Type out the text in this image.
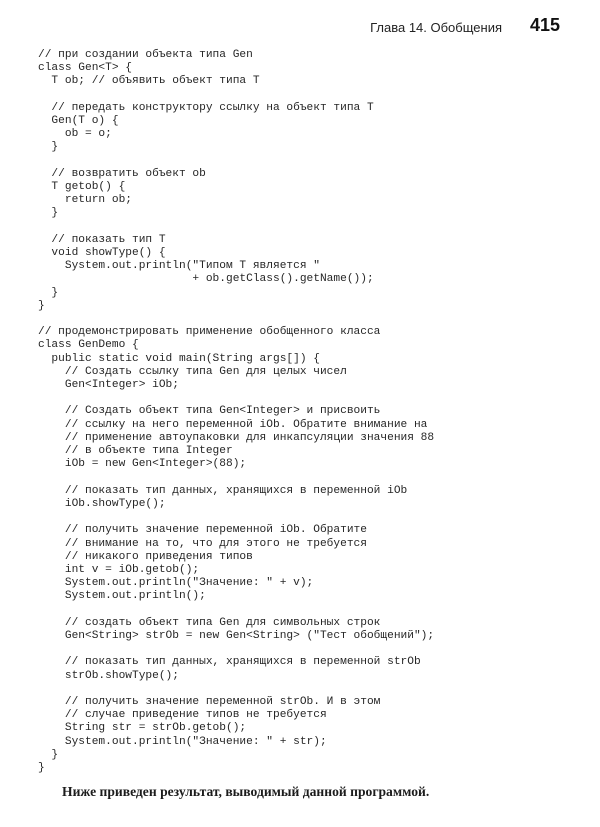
Глава 14. Обобщения 415
// при создании объекта типа Gen
class Gen<T> {
T ob; // объявить объект типа T
// передать конструктору ссылку на объект типа T
Gen(T o) {
ob = o;
}
// возвратить объект ob
T getob() {
return ob;
}
// показать тип T
void showType() {
System.out.println("Типом T является "
+ ob.getClass().getName());
}
}
// продемонстрировать применение обобщенного класса
class GenDemo {
public static void main(String args[]) {
// Создать ссылку типа Gen для целых чисел
Gen<Integer> iOb;
// Создать объект типа Gen<Integer> и присвоить
// ссылку на него переменной iOb. Обратите внимание на
// применение автоупаковки для инкапсуляции значения 88
// в объекте типа Integer
iOb = new Gen<Integer>(88);
// показать тип данных, хранящихся в переменной iOb
iOb.showType();
// получить значение переменной iOb. Обратите
// внимание на то, что для этого не требуется
// никакого приведения типов
int v = iOb.getob();
System.out.println("Значение: " + v);
System.out.println();
// создать объект типа Gen для символьных строк
Gen<String> strOb = new Gen<String> ("Тест обобщений");
// показать тип данных, хранящихся в переменной strOb
strOb.showType();
// получить значение переменной strOb. И в этом
// случае приведение типов не требуется
String str = strOb.getob();
System.out.println("Значение: " + str);
}
}

Ниже приведен результат, выводимый данной программой.
